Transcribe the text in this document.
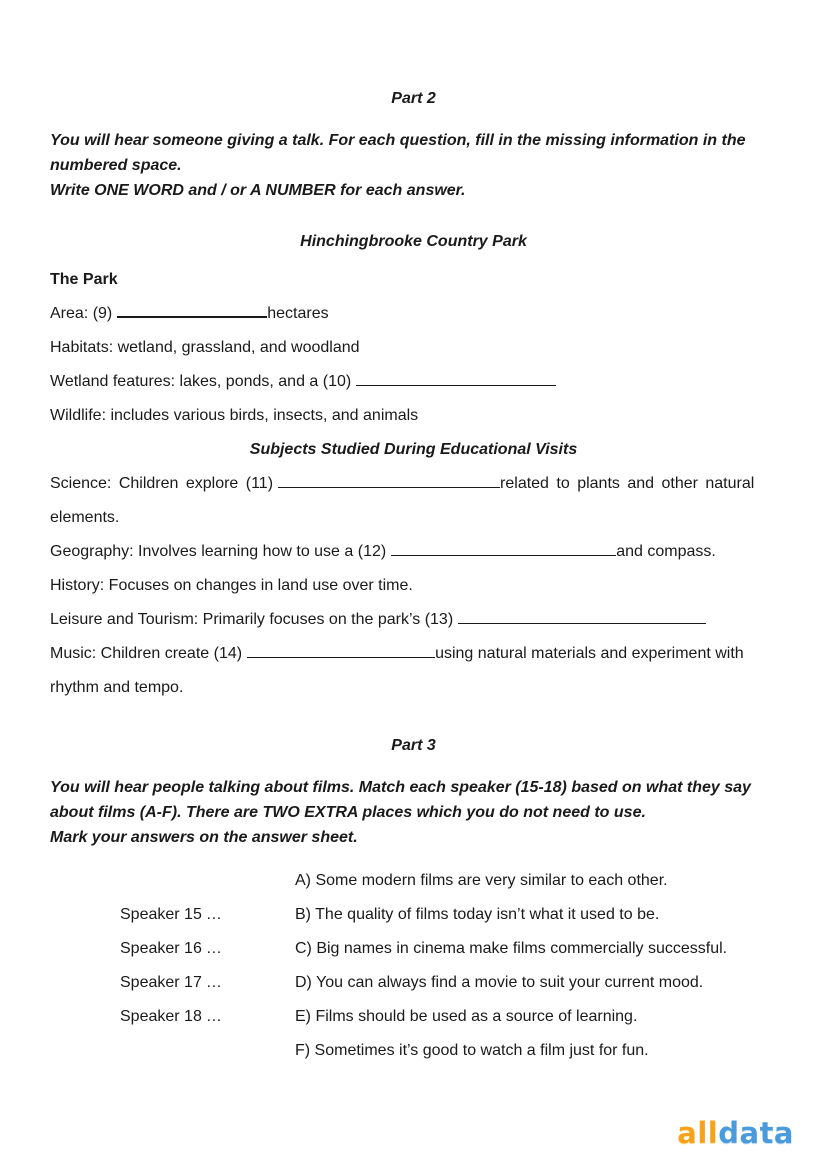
Part 2

You will hear someone giving a talk. For each question, fill in the missing information in the numbered space.

Write ONE WORD and / or A NUMBER for each answer.

Hinchingbrooke Country Park
The Park
Area: (9)	hectares
Habitats: wetland, grassland, and woodland
Wetland features: lakes, ponds, and a (10)
Wildlife: includes various birds, insects, and animals
Subjects Studied During Educational Visits
Science: Children explore (11)	related to plants and other natural
elements.
Geography: Involves learning how to use a (12)	and compass.
History: Focuses on changes in land use over time.
Leisure and Tourism: Primarily focuses on the park’s (13)
Music: Children create (14)	using natural materials and experiment with
rhythm and tempo.
Part 3

You will hear people talking about films. Match each speaker (15-18) based on what they say about films (A-F). There are TWO EXTRA places which you do not need to use.

Mark your answers on the answer sheet.

A) Some modern films are very similar to each other.
Speaker 15 …	B) The quality of films today isn’t what it used to be.
Speaker 16 …	C) Big names in cinema make films commercially successful.
Speaker 17 …	D) You can always find a movie to suit your current mood.
Speaker 18 …	E) Films should be used as a source of learning.
F) Sometimes it’s good to watch a film just for fun.
alldata
